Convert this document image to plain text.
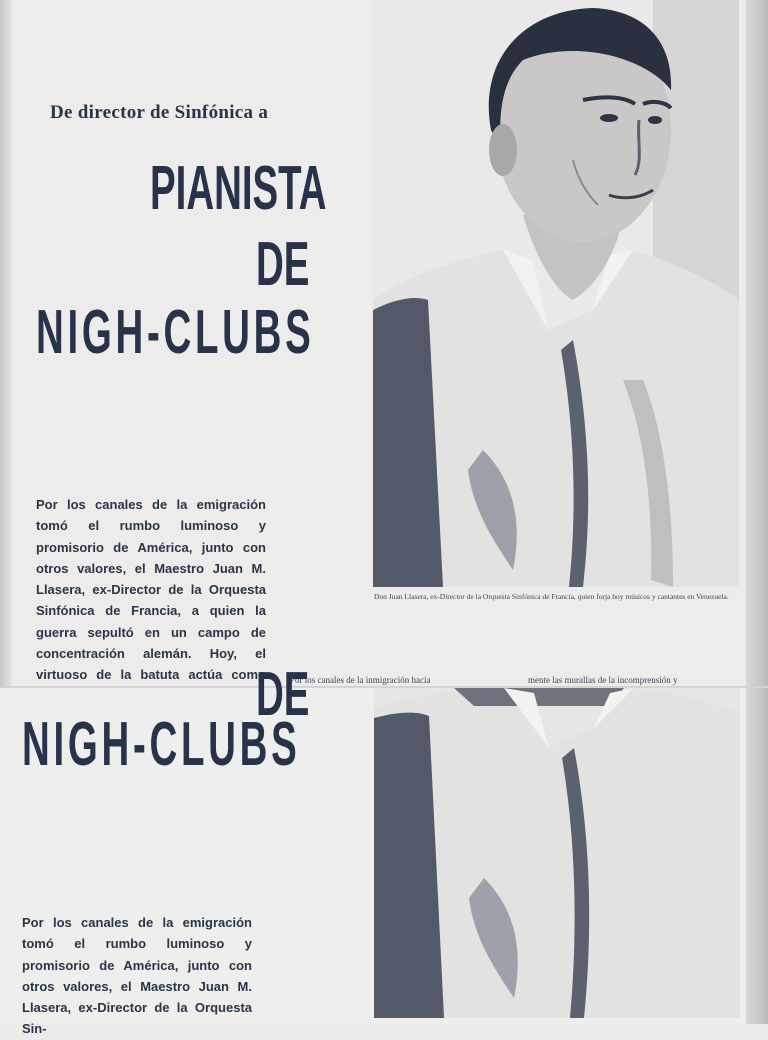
De director de Sinfónica a

PIANISTA
DE
NIGH-CLUBS

Por los canales de la emigración tomó el rumbo luminoso y promisorio de América, junto con otros valores, el Maestro Juan M. Llasera, ex-Director de la Orquesta Sinfónica de Francia, a quien la guerra sepultó en un campo de concentración alemán. Hoy, el virtuoso de la batuta actúa como

Don Juan Llasera, ex-Director de la Orquesta Sinfónica de Francia, quien forja hoy músicos y cantantes en Venezuela.

Por los canales de la inmigración hacia	mente las murallas de la incomprensión y

DE
NIGH-CLUBS

Por los canales de la emigración tomó el rumbo luminoso y promisorio de América, junto con otros valores, el Maestro Juan M. Llasera, ex-Director de la Orquesta Sin-
